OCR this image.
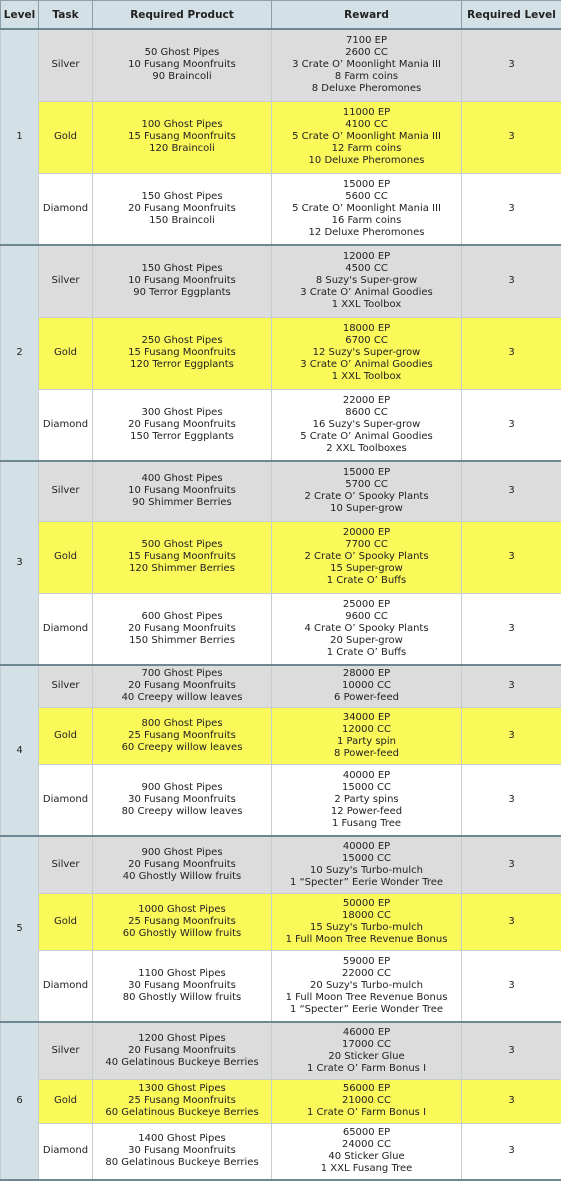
Level	Task	Required Product	Reward	Required Level
1	Silver	50 Ghost Pipes
10 Fusang Moonfruits
90 Braincoli	7100 EP
2600 CC
3 Crate O’ Moonlight Mania III
8 Farm coins
8 Deluxe Pheromones	3
	Gold	100 Ghost Pipes
15 Fusang Moonfruits
120 Braincoli	11000 EP
4100 CC
5 Crate O’ Moonlight Mania III
12 Farm coins
10 Deluxe Pheromones	3
	Diamond	150 Ghost Pipes
20 Fusang Moonfruits
150 Braincoli	15000 EP
5600 CC
5 Crate O’ Moonlight Mania III
16 Farm coins
12 Deluxe Pheromones	3
2	Silver	150 Ghost Pipes
10 Fusang Moonfruits
90 Terror Eggplants	12000 EP
4500 CC
8 Suzy's Super-grow
3 Crate O’ Animal Goodies
1 XXL Toolbox	3
	Gold	250 Ghost Pipes
15 Fusang Moonfruits
120 Terror Eggplants	18000 EP
6700 CC
12 Suzy's Super-grow
3 Crate O’ Animal Goodies
1 XXL Toolbox	3
	Diamond	300 Ghost Pipes
20 Fusang Moonfruits
150 Terror Eggplants	22000 EP
8600 CC
16 Suzy's Super-grow
5 Crate O’ Animal Goodies
2 XXL Toolboxes	3
3	Silver	400 Ghost Pipes
10 Fusang Moonfruits
90 Shimmer Berries	15000 EP
5700 CC
2 Crate O’ Spooky Plants
10 Super-grow	3
	Gold	500 Ghost Pipes
15 Fusang Moonfruits
120 Shimmer Berries	20000 EP
7700 CC
2 Crate O’ Spooky Plants
15 Super-grow
1 Crate O’ Buffs	3
	Diamond	600 Ghost Pipes
20 Fusang Moonfruits
150 Shimmer Berries	25000 EP
9600 CC
4 Crate O’ Spooky Plants
20 Super-grow
1 Crate O’ Buffs	3
4	Silver	700 Ghost Pipes
20 Fusang Moonfruits
40 Creepy willow leaves	28000 EP
10000 CC
6 Power-feed	3
	Gold	800 Ghost Pipes
25 Fusang Moonfruits
60 Creepy willow leaves	34000 EP
12000 CC
1 Party spin
8 Power-feed	3
	Diamond	900 Ghost Pipes
30 Fusang Moonfruits
80 Creepy willow leaves	40000 EP
15000 CC
2 Party spins
12 Power-feed
1 Fusang Tree	3
5	Silver	900 Ghost Pipes
20 Fusang Moonfruits
40 Ghostly Willow fruits	40000 EP
15000 CC
10 Suzy's Turbo-mulch
1 “Specter” Eerie Wonder Tree	3
	Gold	1000 Ghost Pipes
25 Fusang Moonfruits
60 Ghostly Willow fruits	50000 EP
18000 CC
15 Suzy's Turbo-mulch
1 Full Moon Tree Revenue Bonus	3
	Diamond	1100 Ghost Pipes
30 Fusang Moonfruits
80 Ghostly Willow fruits	59000 EP
22000 CC
20 Suzy's Turbo-mulch
1 Full Moon Tree Revenue Bonus
1 “Specter” Eerie Wonder Tree	3
6	Silver	1200 Ghost Pipes
20 Fusang Moonfruits
40 Gelatinous Buckeye Berries	46000 EP
17000 CC
20 Sticker Glue
1 Crate O’ Farm Bonus I	3
	Gold	1300 Ghost Pipes
25 Fusang Moonfruits
60 Gelatinous Buckeye Berries	56000 EP
21000 CC
1 Crate O’ Farm Bonus I	3
	Diamond	1400 Ghost Pipes
30 Fusang Moonfruits
80 Gelatinous Buckeye Berries	65000 EP
24000 CC
40 Sticker Glue
1 XXL Fusang Tree	3
